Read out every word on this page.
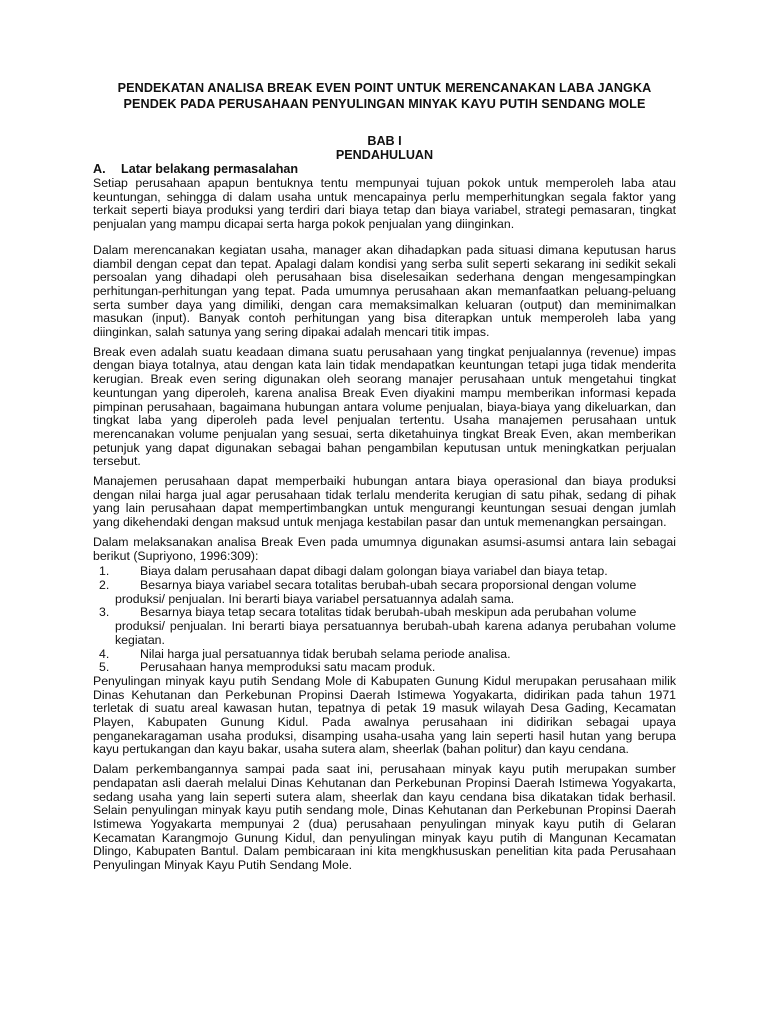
PENDEKATAN ANALISA BREAK EVEN POINT UNTUK MERENCANAKAN LABA JANGKA
PENDEK PADA PERUSAHAAN PENYULINGAN MINYAK KAYU PUTIH SENDANG MOLE
BAB I
PENDAHULUAN
A.	Latar belakang permasalahan

Setiap perusahaan apapun bentuknya tentu mempunyai tujuan pokok untuk memperoleh laba atau keuntungan, sehingga di dalam usaha untuk mencapainya perlu memperhitungkan segala faktor yang terkait seperti biaya produksi yang terdiri dari biaya tetap dan biaya variabel, strategi pemasaran, tingkat penjualan yang mampu dicapai serta harga pokok penjualan yang diinginkan.

Dalam merencanakan kegiatan usaha, manager akan dihadapkan pada situasi dimana keputusan harus diambil dengan cepat dan tepat. Apalagi dalam kondisi yang serba sulit seperti sekarang ini sedikit sekali persoalan yang dihadapi oleh perusahaan bisa diselesaikan sederhana dengan mengesampingkan perhitungan-perhitungan yang tepat. Pada umumnya perusahaan akan memanfaatkan peluang-peluang serta sumber daya yang dimiliki, dengan cara memaksimalkan keluaran (output) dan meminimalkan masukan (input). Banyak contoh perhitungan yang bisa diterapkan untuk memperoleh laba yang diinginkan, salah satunya yang sering dipakai adalah mencari titik impas.

Break even adalah suatu keadaan dimana suatu perusahaan yang tingkat penjualannya (revenue) impas dengan biaya totalnya, atau dengan kata lain tidak mendapatkan keuntungan tetapi juga tidak menderita kerugian. Break even sering digunakan oleh seorang manajer perusahaan untuk mengetahui tingkat keuntungan yang diperoleh, karena analisa Break Even diyakini mampu memberikan informasi kepada pimpinan perusahaan, bagaimana hubungan antara volume penjualan, biaya-biaya yang dikeluarkan, dan tingkat laba yang diperoleh pada level penjualan tertentu. Usaha manajemen perusahaan untuk merencanakan volume penjualan yang sesuai, serta diketahuinya tingkat Break Even, akan memberikan petunjuk yang dapat digunakan sebagai bahan pengambilan keputusan untuk meningkatkan perjualan tersebut.

Manajemen perusahaan dapat memperbaiki hubungan antara biaya operasional dan biaya produksi dengan nilai harga jual agar perusahaan tidak terlalu menderita kerugian di satu pihak, sedang di pihak yang lain perusahaan dapat mempertimbangkan untuk mengurangi keuntungan sesuai dengan jumlah yang dikehendaki dengan maksud untuk menjaga kestabilan pasar dan untuk memenangkan persaingan.

Dalam melaksanakan analisa Break Even pada umumnya digunakan asumsi-asumsi antara lain sebagai berikut (Supriyono, 1996:309):

1. Biaya dalam perusahaan dapat dibagi dalam golongan biaya variabel dan biaya tetap.
2. Besarnya biaya variabel secara totalitas berubah-ubah secara proporsional dengan volume
produksi/ penjualan. Ini berarti biaya variabel persatuannya adalah sama.
3. Besarnya biaya tetap secara totalitas tidak berubah-ubah meskipun ada perubahan volume
produksi/ penjualan. Ini berarti biaya persatuannya berubah-ubah karena adanya perubahan volume kegiatan.
4. Nilai harga jual persatuannya tidak berubah selama periode analisa.
5. Perusahaan hanya memproduksi satu macam produk.

Penyulingan minyak kayu putih Sendang Mole di Kabupaten Gunung Kidul merupakan perusahaan milik Dinas Kehutanan dan Perkebunan Propinsi Daerah Istimewa Yogyakarta, didirikan pada tahun 1971 terletak di suatu areal kawasan hutan, tepatnya di petak 19 masuk wilayah Desa Gading, Kecamatan Playen, Kabupaten Gunung Kidul. Pada awalnya perusahaan ini didirikan sebagai upaya penganekaragaman usaha produksi, disamping usaha-usaha yang lain seperti hasil hutan yang berupa kayu pertukangan dan kayu bakar, usaha sutera alam, sheerlak (bahan politur) dan kayu cendana.

Dalam perkembangannya sampai pada saat ini, perusahaan minyak kayu putih merupakan sumber pendapatan asli daerah melalui Dinas Kehutanan dan Perkebunan Propinsi Daerah Istimewa Yogyakarta, sedang usaha yang lain seperti sutera alam, sheerlak dan kayu cendana bisa dikatakan tidak berhasil. Selain penyulingan minyak kayu putih sendang mole, Dinas Kehutanan dan Perkebunan Propinsi Daerah Istimewa Yogyakarta mempunyai 2 (dua) perusahaan penyulingan minyak kayu putih di Gelaran Kecamatan Karangmojo Gunung Kidul, dan penyulingan minyak kayu putih di Mangunan Kecamatan Dlingo, Kabupaten Bantul. Dalam pembicaraan ini kita mengkhususkan penelitian kita pada Perusahaan Penyulingan Minyak Kayu Putih Sendang Mole.
